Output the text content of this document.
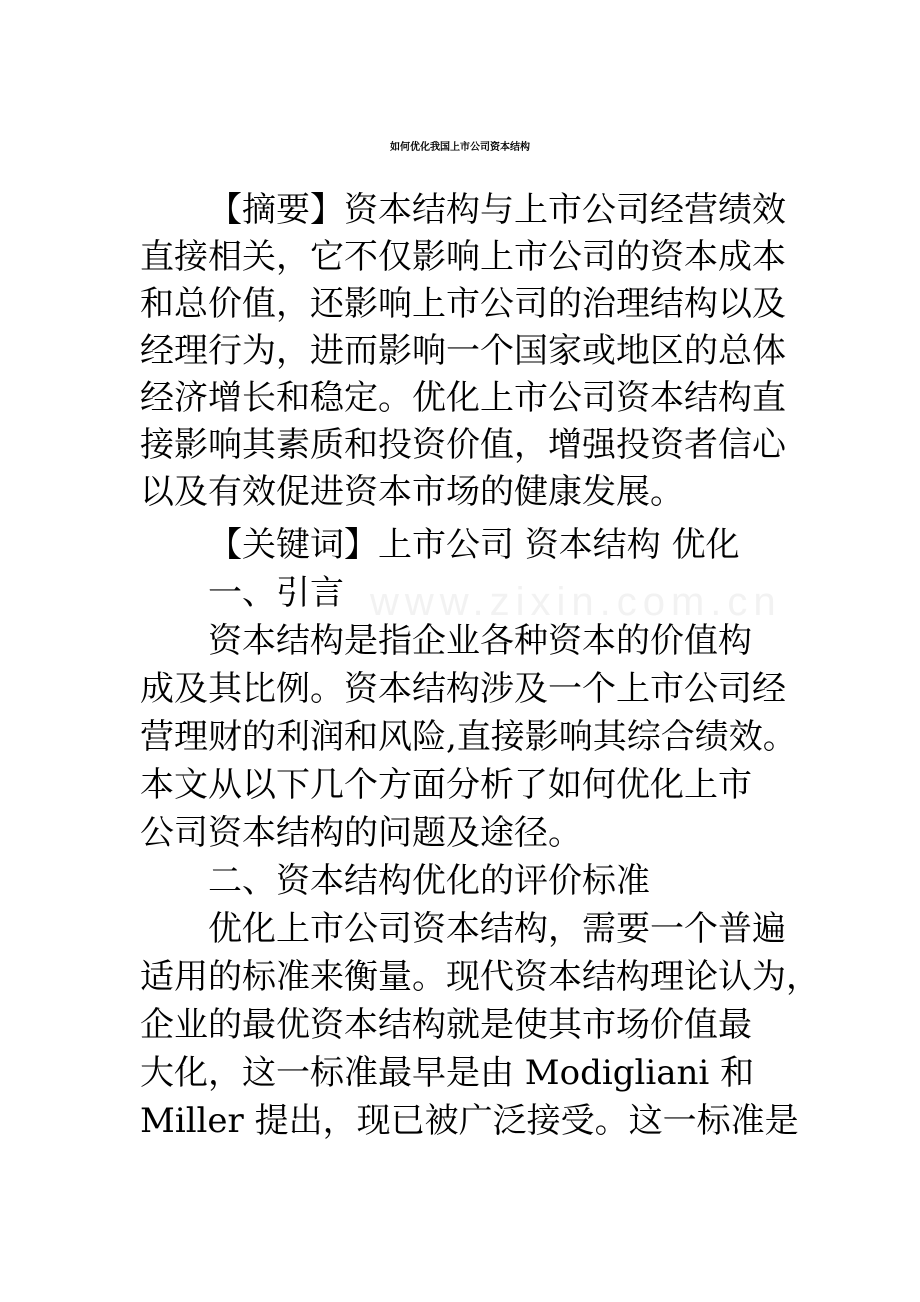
www.zixin.com.cn
如何优化我国上市公司资本结构
【摘要】资本结构与上市公司经营绩效
直接相关，它不仅影响上市公司的资本成本
和总价值，还影响上市公司的治理结构以及
经理行为，进而影响一个国家或地区的总体
经济增长和稳定。优化上市公司资本结构直
接影响其素质和投资价值，增强投资者信心
以及有效促进资本市场的健康发展。
【关键词】上市公司 资本结构 优化
一、引言
资本结构是指企业各种资本的价值构
成及其比例。资本结构涉及一个上市公司经
营理财的利润和风险,直接影响其综合绩效。
本文从以下几个方面分析了如何优化上市
公司资本结构的问题及途径。
二、资本结构优化的评价标准
优化上市公司资本结构，需要一个普遍
适用的标准来衡量。现代资本结构理论认为，
企业的最优资本结构就是使其市场价值最
大化，这一标准最早是由 Modigliani 和
Miller 提出，现已被广泛接受。这一标准是
